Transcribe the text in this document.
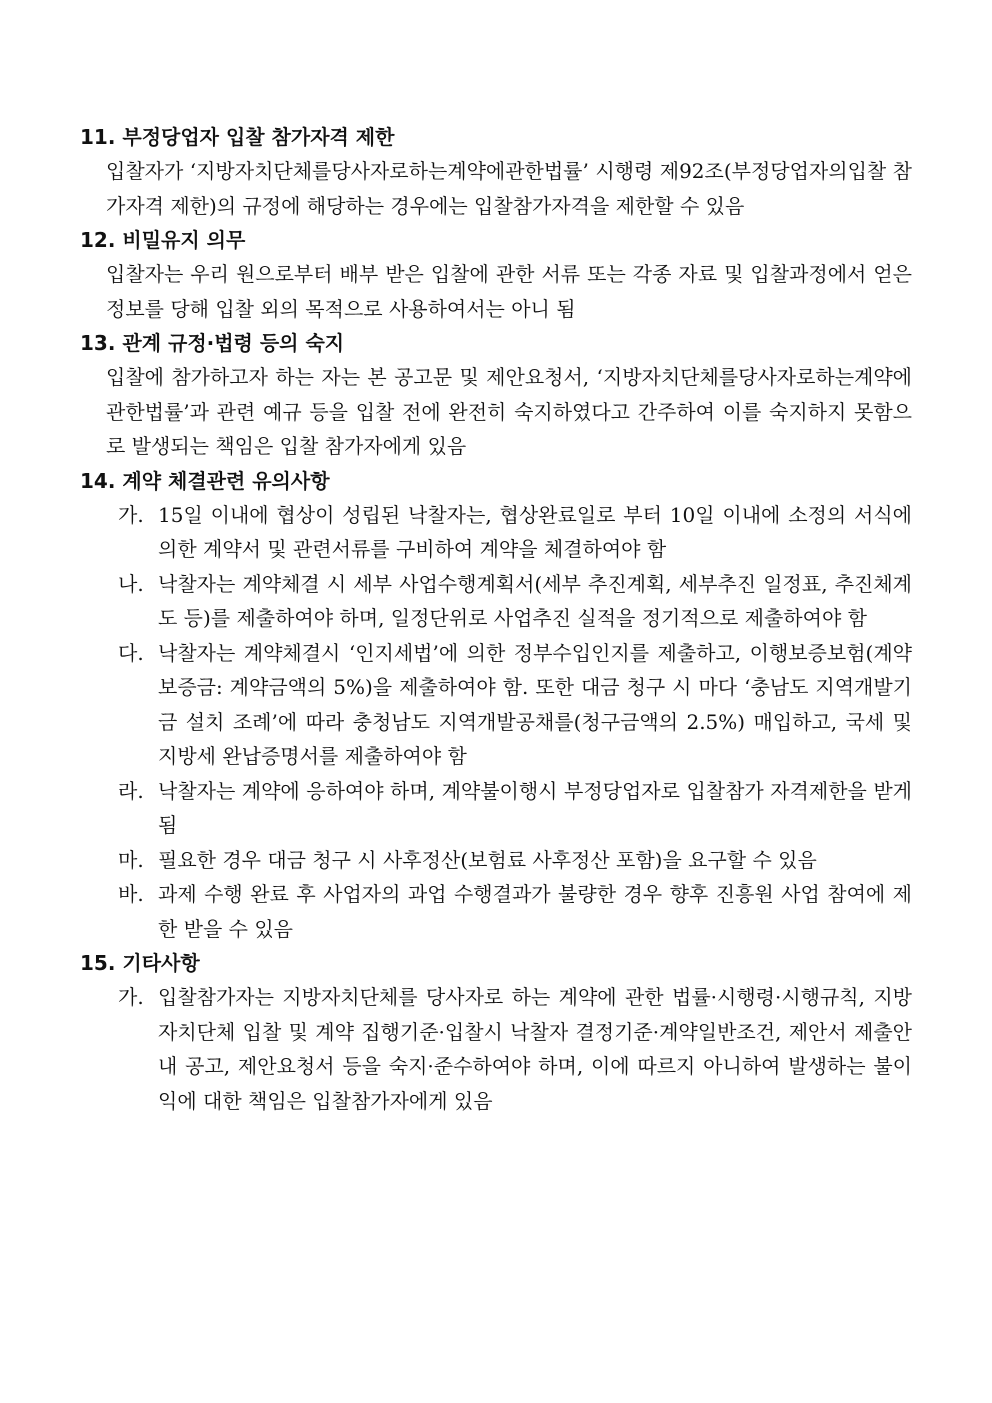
11. 부정당업자 입찰 참가자격 제한

입찰자가 ‘지방자치단체를당사자로하는계약에관한법률’ 시행령 제92조(부정당업자의입찰 참가자격 제한)의 규정에 해당하는 경우에는 입찰참가자격을 제한할 수 있음

12. 비밀유지 의무

입찰자는 우리 원으로부터 배부 받은 입찰에 관한 서류 또는 각종 자료 및 입찰과정에서 얻은 정보를 당해 입찰 외의 목적으로 사용하여서는 아니 됨

13. 관계 규정·법령 등의 숙지

입찰에 참가하고자 하는 자는 본 공고문 및 제안요청서, ‘지방자치단체를당사자로하는계약에관한법률’과 관련 예규 등을 입찰 전에 완전히 숙지하였다고 간주하여 이를 숙지하지 못함으로 발생되는 책임은 입찰 참가자에게 있음

14. 계약 체결관련 유의사항
가. 15일 이내에 협상이 성립된 낙찰자는, 협상완료일로 부터 10일 이내에 소정의 서식에 의한 계약서 및 관련서류를 구비하여 계약을 체결하여야 함
나. 낙찰자는 계약체결 시 세부 사업수행계획서(세부 추진계획, 세부추진 일정표, 추진체계도 등)를 제출하여야 하며, 일정단위로 사업추진 실적을 정기적으로 제출하여야 함
다. 낙찰자는 계약체결시 ‘인지세법’에 의한 정부수입인지를 제출하고, 이행보증보험(계약보증금: 계약금액의 5%)을 제출하여야 함. 또한 대금 청구 시 마다 ‘충남도 지역개발기금 설치 조례’에 따라 충청남도 지역개발공채를(청구금액의 2.5%) 매입하고, 국세 및 지방세 완납증명서를 제출하여야 함
라. 낙찰자는 계약에 응하여야 하며, 계약불이행시 부정당업자로 입찰참가 자격제한을 받게 됨
마. 필요한 경우 대금 청구 시 사후정산(보험료 사후정산 포함)을 요구할 수 있음
바. 과제 수행 완료 후 사업자의 과업 수행결과가 불량한 경우 향후 진흥원 사업 참여에 제한 받을 수 있음
15. 기타사항
가. 입찰참가자는 지방자치단체를 당사자로 하는 계약에 관한 법률·시행령·시행규칙, 지방자치단체 입찰 및 계약 집행기준·입찰시 낙찰자 결정기준·계약일반조건, 제안서 제출안내 공고, 제안요청서 등을 숙지·준수하여야 하며, 이에 따르지 아니하여 발생하는 불이익에 대한 책임은 입찰참가자에게 있음
